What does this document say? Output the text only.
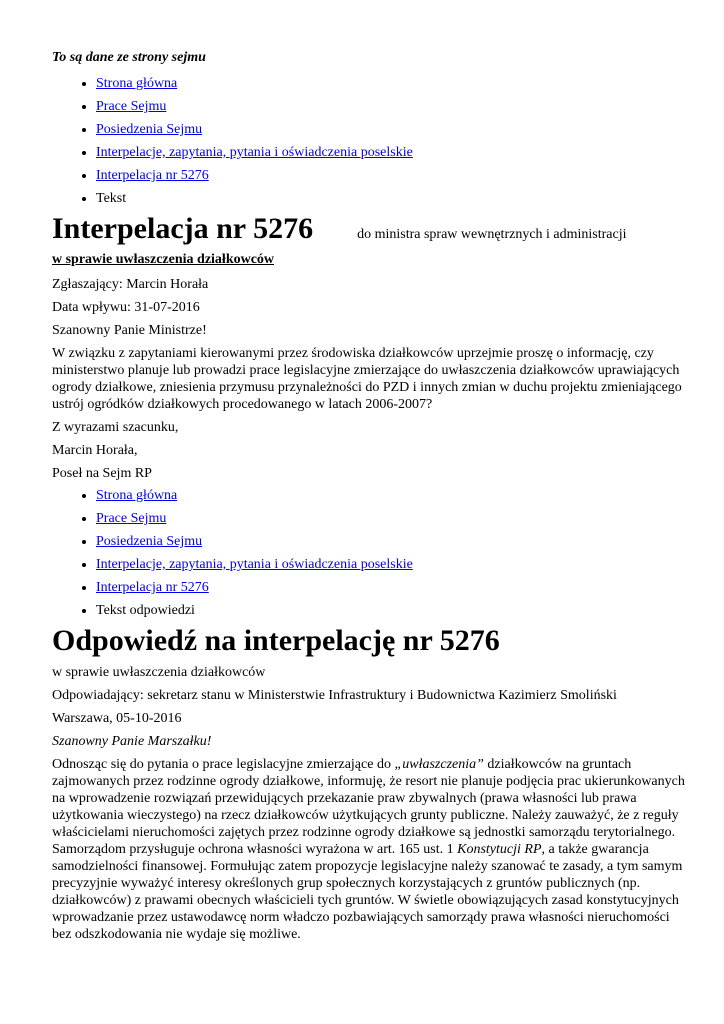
To są dane ze strony sejmu
• Strona główna
• Prace Sejmu
• Posiedzenia Sejmu
• Interpelacje, zapytania, pytania i oświadczenia poselskie
• Interpelacja nr 5276
• Tekst
Interpelacja nr 5276	do ministra spraw wewnętrznych i administracji
w sprawie uwłaszczenia działkowców

Zgłaszający: Marcin Horała

Data wpływu: 31-07-2016

Szanowny Panie Ministrze!

W związku z zapytaniami kierowanymi przez środowiska działkowców uprzejmie proszę o informację, czy ministerstwo planuje lub prowadzi prace legislacyjne zmierzające do uwłaszczenia działkowców uprawiających ogrody działkowe, zniesienia przymusu przynależności do PZD i innych zmian w duchu projektu zmieniającego ustrój ogródków działkowych procedowanego w latach 2006-2007?

Z wyrazami szacunku,

Marcin Horała,

Poseł na Sejm RP

• Strona główna
• Prace Sejmu
• Posiedzenia Sejmu
• Interpelacje, zapytania, pytania i oświadczenia poselskie
• Interpelacja nr 5276
• Tekst odpowiedzi
Odpowiedź na interpelację nr 5276

w sprawie uwłaszczenia działkowców

Odpowiadający: sekretarz stanu w Ministerstwie Infrastruktury i Budownictwa Kazimierz Smoliński

Warszawa, 05-10-2016

Szanowny Panie Marszałku!

Odnosząc się do pytania o prace legislacyjne zmierzające do „uwłaszczenia” działkowców na gruntach zajmowanych przez rodzinne ogrody działkowe, informuję, że resort nie planuje podjęcia prac ukierunkowanych na wprowadzenie rozwiązań przewidujących przekazanie praw zbywalnych (prawa własności lub prawa użytkowania wieczystego) na rzecz działkowców użytkujących grunty publiczne. Należy zauważyć, że z reguły właścicielami nieruchomości zajętych przez rodzinne ogrody działkowe są jednostki samorządu terytorialnego. Samorządom przysługuje ochrona własności wyrażona w art. 165 ust. 1 Konstytucji RP, a także gwarancja samodzielności finansowej. Formułując zatem propozycje legislacyjne należy szanować te zasady, a tym samym precyzyjnie wyważyć interesy określonych grup społecznych korzystających z gruntów publicznych (np. działkowców) z prawami obecnych właścicieli tych gruntów. W świetle obowiązujących zasad konstytucyjnych wprowadzanie przez ustawodawcę norm władczo pozbawiających samorządy prawa własności nieruchomości bez odszkodowania nie wydaje się możliwe.
